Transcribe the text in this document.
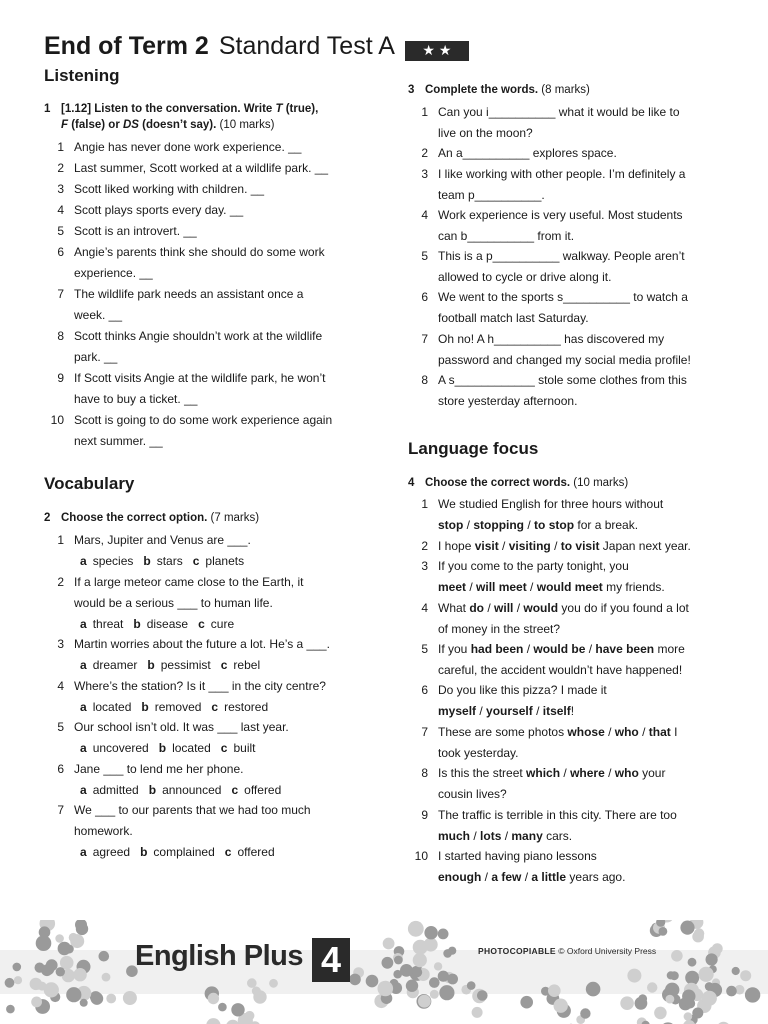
End of Term 2 Standard Test A	★ ★
Listening
1 [1.12] Listen to the conversation. Write T (true),
F (false) or DS (doesn’t say). (10 marks)
1 Angie has never done work experience. __
2 Last summer, Scott worked at a wildlife park. __
3 Scott liked working with children. __
4 Scott plays sports every day. __
5 Scott is an introvert. __
6 Angie’s parents think she should do some work
experience. __
7 The wildlife park needs an assistant once a
week. __
8 Scott thinks Angie shouldn’t work at the wildlife
park. __
9 If Scott visits Angie at the wildlife park, he won’t
have to buy a ticket. __
10 Scott is going to do some work experience again
next summer. __
Vocabulary
2 Choose the correct option. (7 marks)
1 Mars, Jupiter and Venus are ___.
a species b stars c planets
2 If a large meteor came close to the Earth, it
would be a serious ___ to human life.
a threat b disease c cure
3 Martin worries about the future a lot. He’s a ___.
a dreamer b pessimist c rebel
4 Where’s the station? Is it ___ in the city centre?
a located b removed c restored
5 Our school isn’t old. It was ___ last year.
a uncovered b located c built
6 Jane ___ to lend me her phone.
a admitted b announced c offered
7 We ___ to our parents that we had too much
homework.
a agreed b complained c offered
3 Complete the words. (8 marks)
1 Can you i__________ what it would be like to
live on the moon?
2 An a__________ explores space.
3 I like working with other people. I’m definitely a
team p__________.
4 Work experience is very useful. Most students
can b__________ from it.
5 This is a p__________ walkway. People aren’t
allowed to cycle or drive along it.
6 We went to the sports s__________ to watch a
football match last Saturday.
7 Oh no! A h__________ has discovered my
password and changed my social media profile!
8 A s____________ stole some clothes from this
store yesterday afternoon.
Language focus
4 Choose the correct words. (10 marks)
1 We studied English for three hours without
stop / stopping / to stop for a break.
2 I hope visit / visiting / to visit Japan next year.
3 If you come to the party tonight, you
meet / will meet / would meet my friends.
4 What do / will / would you do if you found a lot
of money in the street?
5 If you had been / would be / have been more
careful, the accident wouldn’t have happened!
6 Do you like this pizza? I made it
myself / yourself / itself!
7 These are some photos whose / who / that I
took yesterday.
8 Is this the street which / where / who your
cousin lives?
9 The traffic is terrible in this city. There are too
much / lots / many cars.
10 I started having piano lessons
enough / a few / a little years ago.
English Plus 4	PHOTOCOPIABLE © Oxford University Press
